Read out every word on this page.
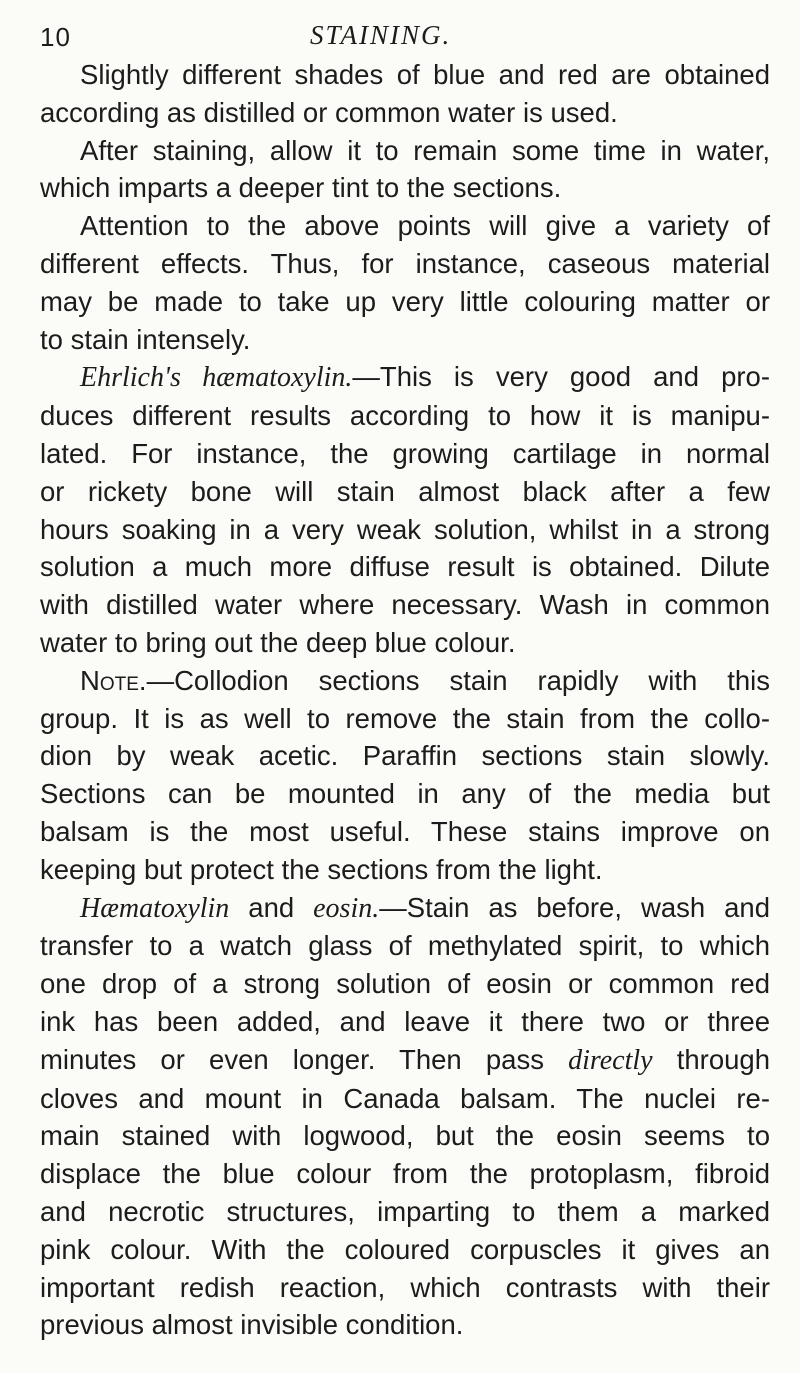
10	STAINING.
Slightly different shades of blue and red are obtained
according as distilled or common water is used.
After staining, allow it to remain some time in water,
which imparts a deeper tint to the sections.
Attention to the above points will give a variety of
different effects. Thus, for instance, caseous material
may be made to take up very little colouring matter or
to stain intensely.
Ehrlich's hæmatoxylin.—This is very good and pro-
duces different results according to how it is manipu-
lated. For instance, the growing cartilage in normal
or rickety bone will stain almost black after a few
hours soaking in a very weak solution, whilst in a strong
solution a much more diffuse result is obtained. Dilute
with distilled water where necessary. Wash in common
water to bring out the deep blue colour.
Note.—Collodion sections stain rapidly with this
group. It is as well to remove the stain from the collo-
dion by weak acetic. Paraffin sections stain slowly.
Sections can be mounted in any of the media but
balsam is the most useful. These stains improve on
keeping but protect the sections from the light.
Hæmatoxylin and eosin.—Stain as before, wash and
transfer to a watch glass of methylated spirit, to which
one drop of a strong solution of eosin or common red
ink has been added, and leave it there two or three
minutes or even longer. Then pass directly through
cloves and mount in Canada balsam. The nuclei re-
main stained with logwood, but the eosin seems to
displace the blue colour from the protoplasm, fibroid
and necrotic structures, imparting to them a marked
pink colour. With the coloured corpuscles it gives an
important redish reaction, which contrasts with their
previous almost invisible condition.
